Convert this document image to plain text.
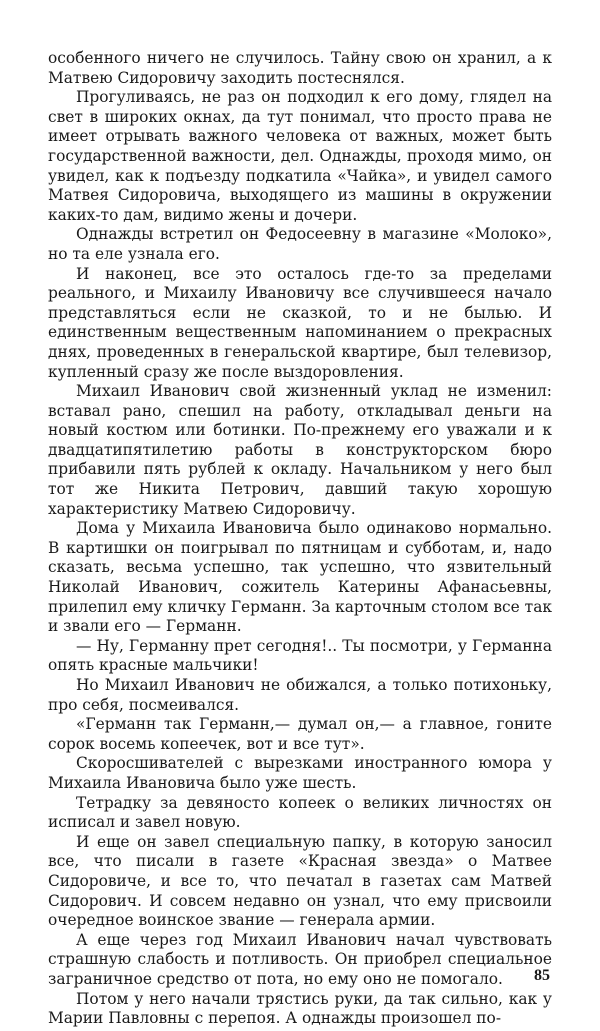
особенного ничего не случилось. Тайну свою он хранил, а к Матвею Сидоровичу заходить постеснялся.

Прогуливаясь, не раз он подходил к его дому, глядел на свет в широких окнах, да тут понимал, что просто права не имеет отрывать важного человека от важных, может быть государственной важности, дел. Однажды, проходя мимо, он увидел, как к подъезду подкатила «Чайка», и увидел самого Матвея Сидоровича, выходящего из машины в окружении каких-то дам, видимо жены и дочери.

Однажды встретил он Федосеевну в магазине «Молоко», но та еле узнала его.

И наконец, все это осталось где-то за пределами реального, и Михаилу Ивановичу все случившееся начало представляться если не сказкой, то и не былью. И единственным вещественным напоминанием о прекрасных днях, проведенных в генеральской квартире, был телевизор, купленный сразу же после выздоровления.

Михаил Иванович свой жизненный уклад не изменил: вставал рано, спешил на работу, откладывал деньги на новый костюм или ботинки. По-прежнему его уважали и к двадцатипятилетию работы в конструкторском бюро прибавили пять рублей к окладу. Начальником у него был тот же Никита Петрович, давший такую хорошую характеристику Матвею Сидоровичу.

Дома у Михаила Ивановича было одинаково нормально. В картишки он поигрывал по пятницам и субботам, и, надо сказать, весьма успешно, так успешно, что язвительный Николай Иванович, сожитель Катерины Афанасьевны, прилепил ему кличку Германн. За карточным столом все так и звали его — Германн.

— Ну, Германну прет сегодня!.. Ты посмотри, у Германна опять красные мальчики!

Но Михаил Иванович не обижался, а только потихоньку, про себя, посмеивался.

«Германн так Германн,— думал он,— а главное, гоните сорок восемь копеечек, вот и все тут».

Скоросшивателей с вырезками иностранного юмора у Михаила Ивановича было уже шесть.

Тетрадку за девяносто копеек о великих личностях он исписал и завел новую.

И еще он завел специальную папку, в которую заносил все, что писали в газете «Красная звезда» о Матвее Сидоровиче, и все то, что печатал в газетах сам Матвей Сидорович. И совсем недавно он узнал, что ему присвоили очередное воинское звание — генерала армии.

А еще через год Михаил Иванович начал чувствовать страшную слабость и потливость. Он приобрел специальное заграничное средство от пота, но ему оно не помогало.

Потом у него начали трястись руки, да так сильно, как у Марии Павловны с перепоя. А однажды произошел по-

85
